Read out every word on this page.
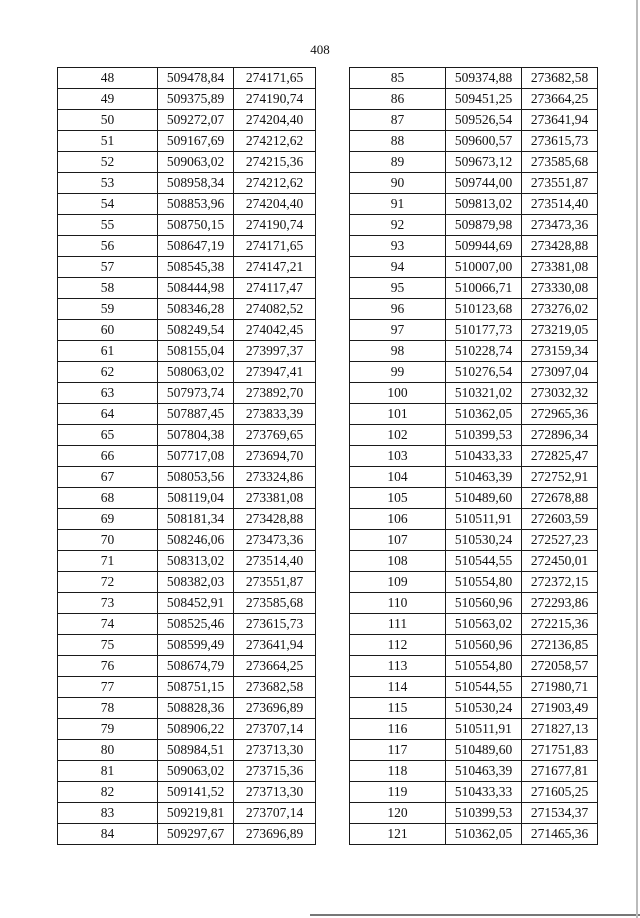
408
48	509478,84	274171,65
49	509375,89	274190,74
50	509272,07	274204,40
51	509167,69	274212,62
52	509063,02	274215,36
53	508958,34	274212,62
54	508853,96	274204,40
55	508750,15	274190,74
56	508647,19	274171,65
57	508545,38	274147,21
58	508444,98	274117,47
59	508346,28	274082,52
60	508249,54	274042,45
61	508155,04	273997,37
62	508063,02	273947,41
63	507973,74	273892,70
64	507887,45	273833,39
65	507804,38	273769,65
66	507717,08	273694,70
67	508053,56	273324,86
68	508119,04	273381,08
69	508181,34	273428,88
70	508246,06	273473,36
71	508313,02	273514,40
72	508382,03	273551,87
73	508452,91	273585,68
74	508525,46	273615,73
75	508599,49	273641,94
76	508674,79	273664,25
77	508751,15	273682,58
78	508828,36	273696,89
79	508906,22	273707,14
80	508984,51	273713,30
81	509063,02	273715,36
82	509141,52	273713,30
83	509219,81	273707,14
84	509297,67	273696,89
85	509374,88	273682,58
86	509451,25	273664,25
87	509526,54	273641,94
88	509600,57	273615,73
89	509673,12	273585,68
90	509744,00	273551,87
91	509813,02	273514,40
92	509879,98	273473,36
93	509944,69	273428,88
94	510007,00	273381,08
95	510066,71	273330,08
96	510123,68	273276,02
97	510177,73	273219,05
98	510228,74	273159,34
99	510276,54	273097,04
100	510321,02	273032,32
101	510362,05	272965,36
102	510399,53	272896,34
103	510433,33	272825,47
104	510463,39	272752,91
105	510489,60	272678,88
106	510511,91	272603,59
107	510530,24	272527,23
108	510544,55	272450,01
109	510554,80	272372,15
110	510560,96	272293,86
111	510563,02	272215,36
112	510560,96	272136,85
113	510554,80	272058,57
114	510544,55	271980,71
115	510530,24	271903,49
116	510511,91	271827,13
117	510489,60	271751,83
118	510463,39	271677,81
119	510433,33	271605,25
120	510399,53	271534,37
121	510362,05	271465,36
